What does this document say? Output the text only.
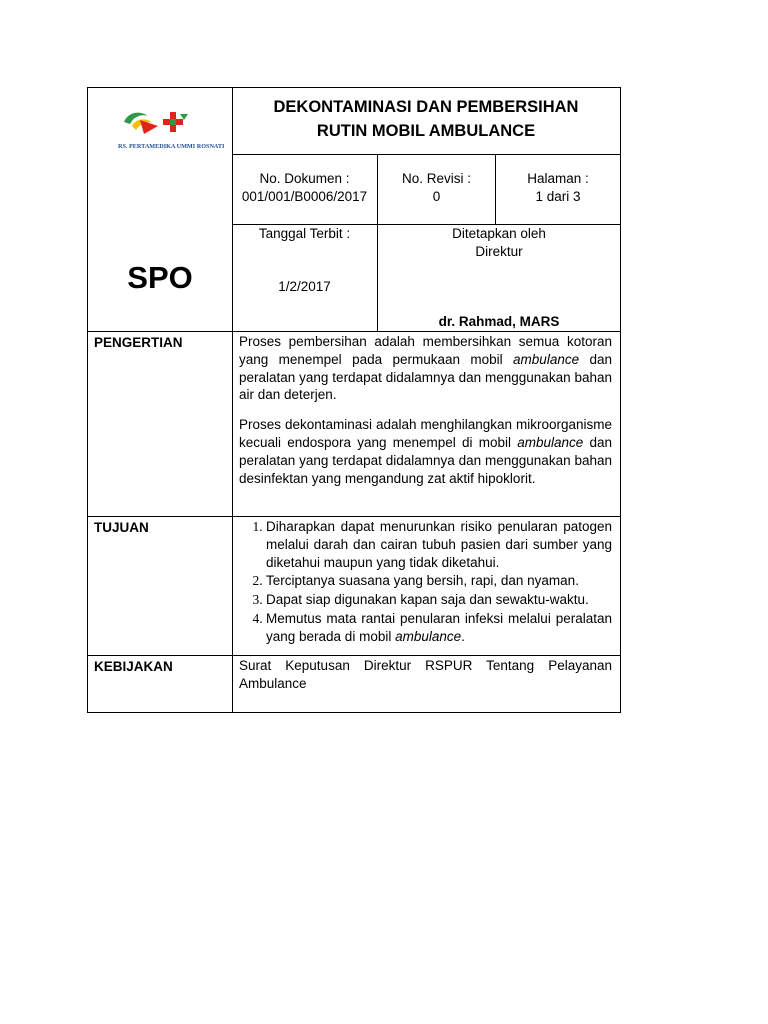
RS. PERTAMEDIKA UMMI ROSNATI
SPO
DEKONTAMINASI DAN PEMBERSIHAN
RUTIN MOBIL AMBULANCE
No. Dokumen :
001/001/B0006/2017
No. Revisi :
0
Halaman :
1 dari 3
Tanggal Terbit :
1/2/2017
Ditetapkan oleh
Direktur
dr. Rahmad, MARS
PENGERTIAN	Proses pembersihan adalah membersihkan semua kotoran yang menempel pada permukaan mobil ambulance dan peralatan yang terdapat didalamnya dan menggunakan bahan air dan deterjen.

Proses dekontaminasi adalah menghilangkan mikroorganisme kecuali endospora yang menempel di mobil ambulance dan peralatan yang terdapat didalamnya dan menggunakan bahan desinfektan yang mengandung zat aktif hipoklorit.

TUJUAN
1.	Diharapkan dapat menurunkan risiko penularan patogen melalui darah dan cairan tubuh pasien dari sumber yang diketahui maupun yang tidak diketahui.
2. Terciptanya suasana yang bersih, rapi, dan nyaman.
3. Dapat siap digunakan kapan saja dan sewaktu-waktu.
4. Memutus mata rantai penularan infeksi melalui peralatan yang berada di mobil ambulance.
KEBIJAKAN	Surat Keputusan Direktur RSPUR Tentang Pelayanan Ambulance
